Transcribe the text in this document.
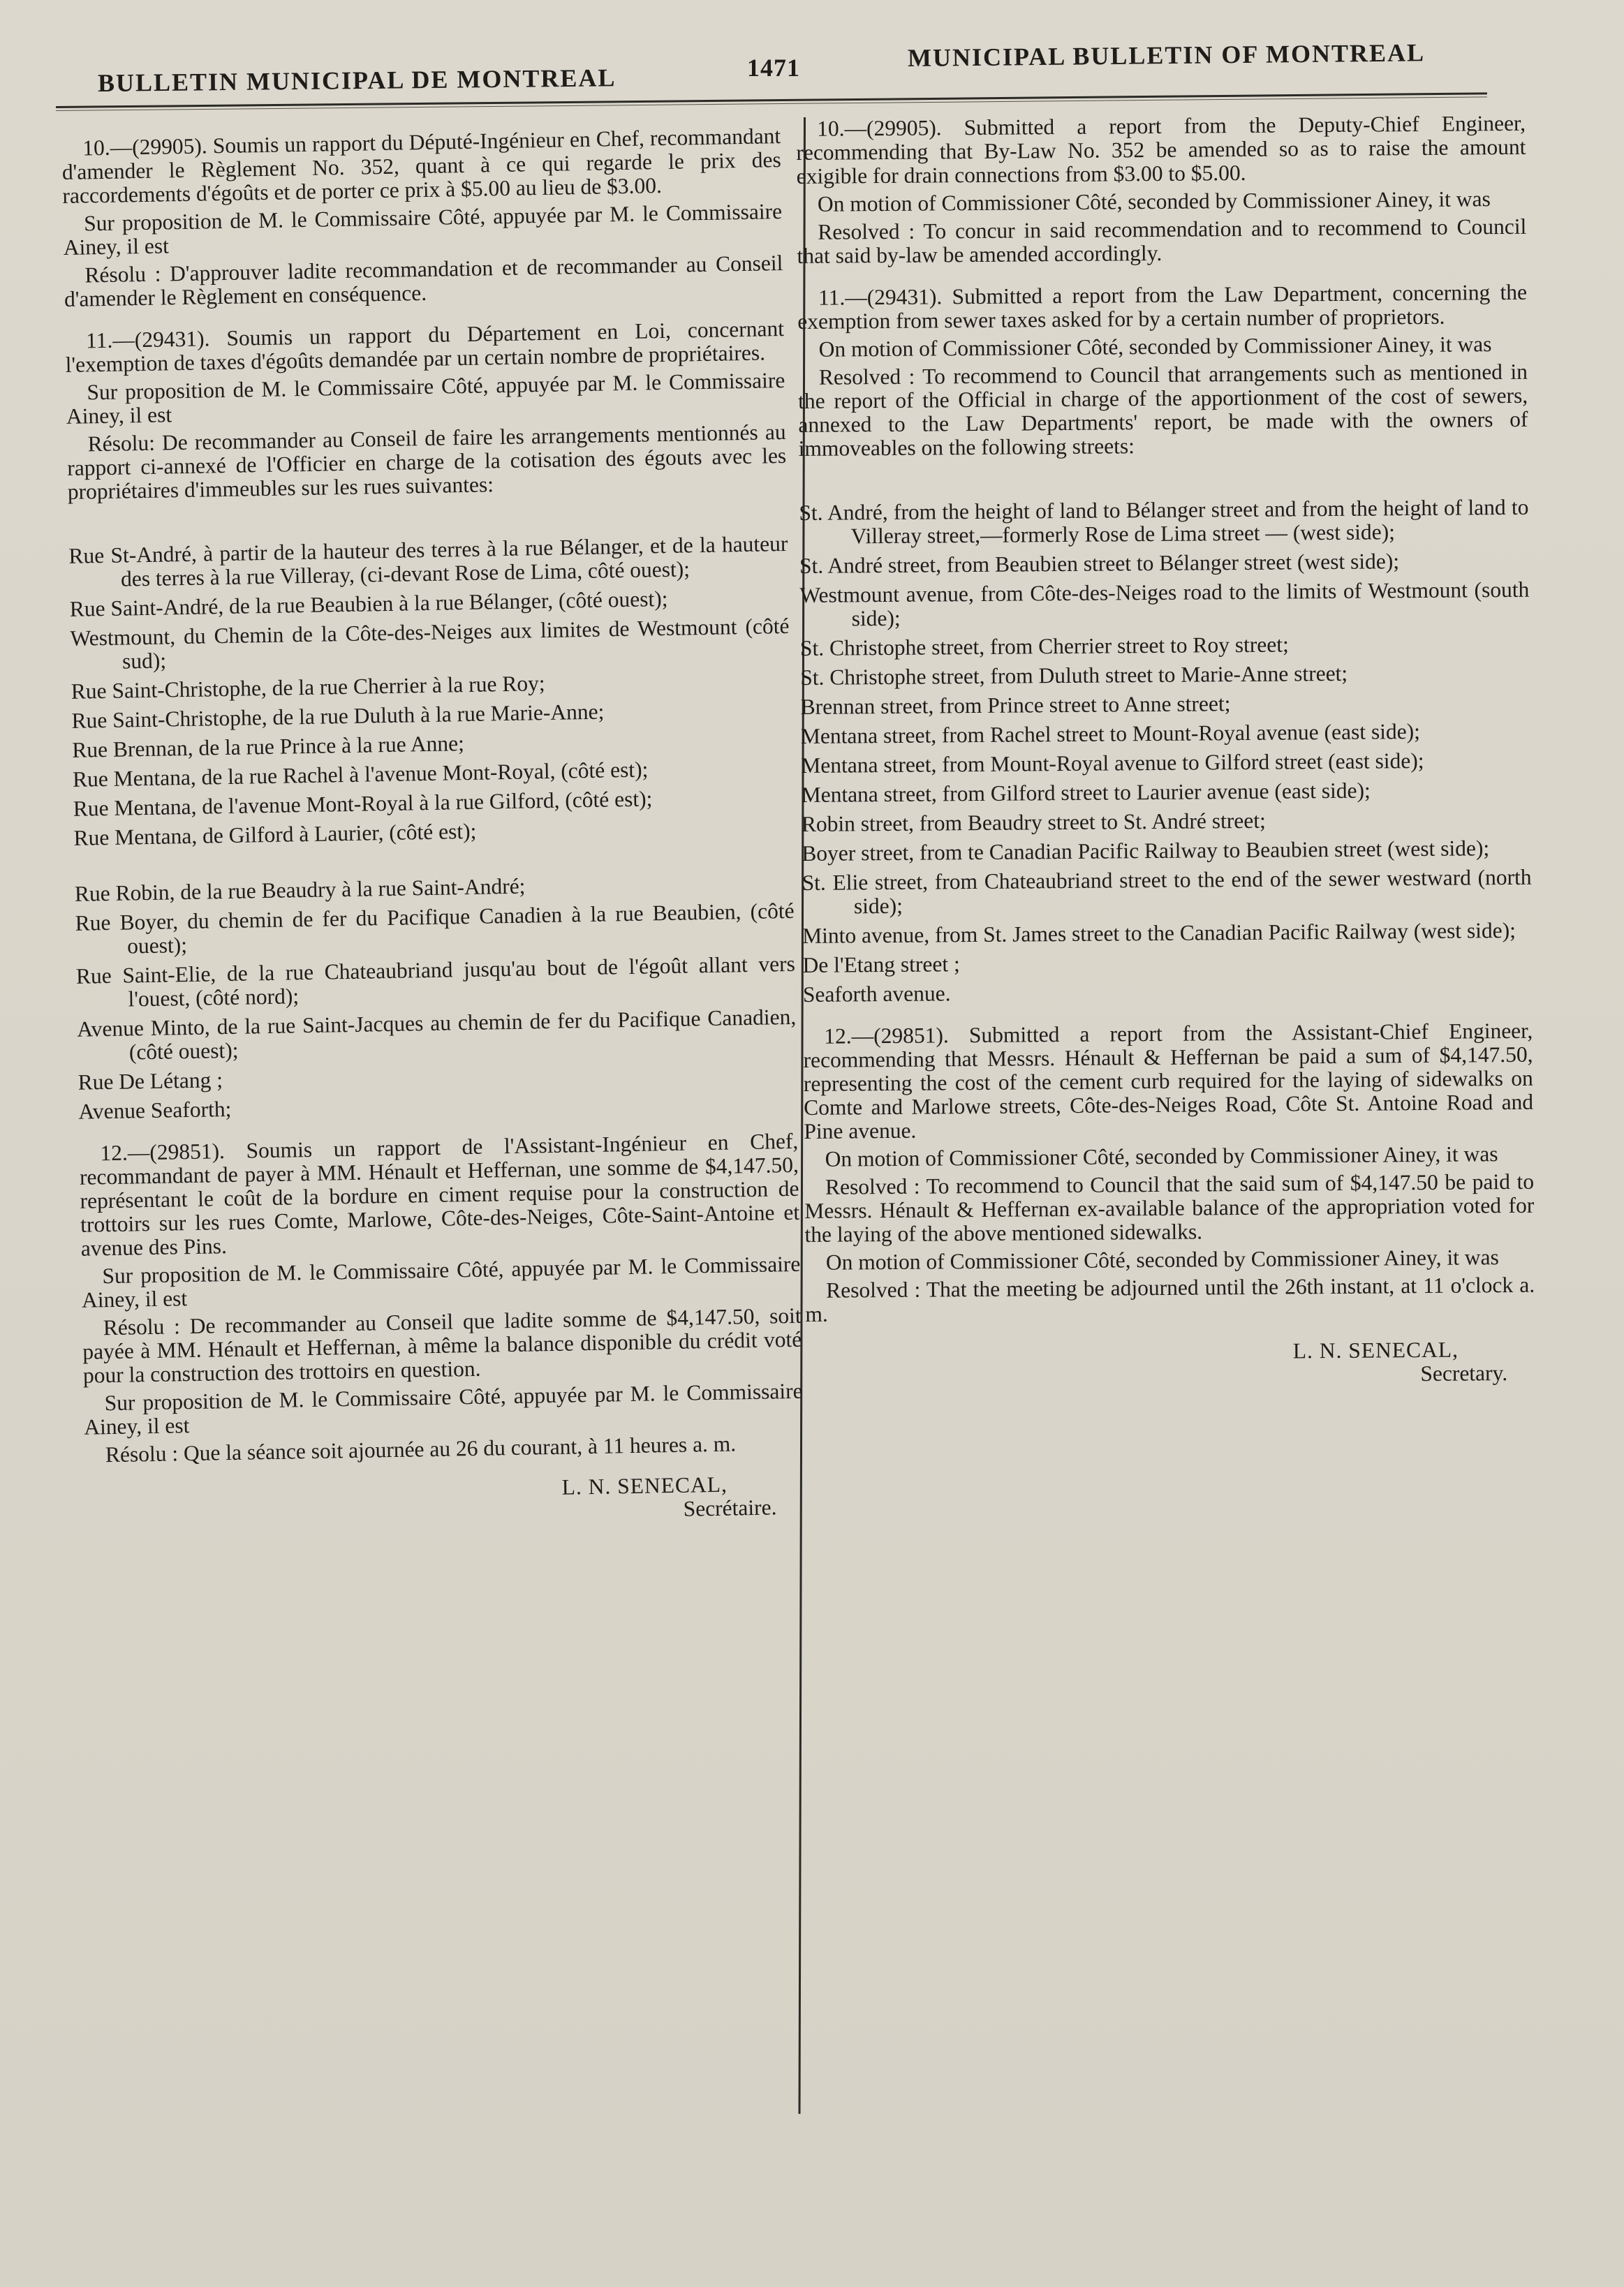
BULLETIN MUNICIPAL DE MONTREAL	1471	MUNICIPAL BULLETIN OF MONTREAL

10.—(29905). Soumis un rapport du Député-Ingénieur en Chef, recommandant d'amender le Règlement No. 352, quant à ce qui regarde le prix des raccordements d'égoûts et de porter ce prix à $5.00 au lieu de $3.00.

Sur proposition de M. le Commissaire Côté, appuyée par M. le Commissaire Ainey, il est

Résolu : D'approuver ladite recommandation et de recommander au Conseil d'amender le Règlement en conséquence.

11.—(29431). Soumis un rapport du Département en Loi, concernant l'exemption de taxes d'égoûts demandée par un certain nombre de propriétaires.

Sur proposition de M. le Commissaire Côté, appuyée par M. le Commissaire Ainey, il est

Résolu: De recommander au Conseil de faire les arrangements mentionnés au rapport ci-annexé de l'Officier en charge de la cotisation des égouts avec les propriétaires d'immeubles sur les rues suivantes:

Rue St-André, à partir de la hauteur des terres à la rue Bélanger, et de la hauteur des terres à la rue Villeray, (ci-devant Rose de Lima, côté ouest);

Rue Saint-André, de la rue Beaubien à la rue Bélanger, (côté ouest);

Westmount, du Chemin de la Côte-des-Neiges aux limites de Westmount (côté sud);

Rue Saint-Christophe, de la rue Cherrier à la rue Roy;

Rue Saint-Christophe, de la rue Duluth à la rue Marie-Anne;

Rue Brennan, de la rue Prince à la rue Anne;

Rue Mentana, de la rue Rachel à l'avenue Mont-Royal, (côté est);

Rue Mentana, de l'avenue Mont-Royal à la rue Gilford, (côté est);

Rue Mentana, de Gilford à Laurier, (côté est);

Rue Robin, de la rue Beaudry à la rue Saint-André;

Rue Boyer, du chemin de fer du Pacifique Canadien à la rue Beaubien, (côté ouest);

Rue Saint-Elie, de la rue Chateaubriand jusqu'au bout de l'égoût allant vers l'ouest, (côté nord);

Avenue Minto, de la rue Saint-Jacques au chemin de fer du Pacifique Canadien, (côté ouest);

Rue De Létang ;

Avenue Seaforth;

12.—(29851). Soumis un rapport de l'Assistant-Ingénieur en Chef, recommandant de payer à MM. Hénault et Heffernan, une somme de $4,147.50, représentant le coût de la bordure en ciment requise pour la construction de trottoirs sur les rues Comte, Marlowe, Côte-des-Neiges, Côte-Saint-Antoine et avenue des Pins.

Sur proposition de M. le Commissaire Côté, appuyée par M. le Commissaire Ainey, il est

Résolu : De recommander au Conseil que ladite somme de $4,147.50, soit payée à MM. Hénault et Heffernan, à même la balance disponible du crédit voté pour la construction des trottoirs en question.

Sur proposition de M. le Commissaire Côté, appuyée par M. le Commissaire Ainey, il est

Résolu : Que la séance soit ajournée au 26 du courant, à 11 heures a. m.

L. N. SENECAL,
Secrétaire.

10.—(29905). Submitted a report from the Deputy-Chief Engineer, recommending that By-Law No. 352 be amended so as to raise the amount exigible for drain connections from $3.00 to $5.00.

On motion of Commissioner Côté, seconded by Commissioner Ainey, it was

Resolved : To concur in said recommendation and to recommend to Council that said by-law be amended accordingly.

11.—(29431). Submitted a report from the Law Department, concerning the exemption from sewer taxes asked for by a certain number of proprietors.

On motion of Commissioner Côté, seconded by Commissioner Ainey, it was

Resolved : To recommend to Council that arrangements such as mentioned in the report of the Official in charge of the apportionment of the cost of sewers, annexed to the Law Departments' report, be made with the owners of immoveables on the following streets:

St. André, from the height of land to Bélanger street and from the height of land to Villeray street,—formerly Rose de Lima street — (west side);

St. André street, from Beaubien street to Bélanger street (west side);

Westmount avenue, from Côte-des-Neiges road to the limits of Westmount (south side);

St. Christophe street, from Cherrier street to Roy street;

St. Christophe street, from Duluth street to Marie-Anne street;

Brennan street, from Prince street to Anne street;

Mentana street, from Rachel street to Mount-Royal avenue (east side);

Mentana street, from Mount-Royal avenue to Gilford street (east side);

Mentana street, from Gilford street to Laurier avenue (east side);

Robin street, from Beaudry street to St. André street;

Boyer street, from te Canadian Pacific Railway to Beaubien street (west side);

St. Elie street, from Chateaubriand street to the end of the sewer westward (north side);

Minto avenue, from St. James street to the Canadian Pacific Railway (west side);

De l'Etang street ;

Seaforth avenue.

12.—(29851). Submitted a report from the Assistant-Chief Engineer, recommending that Messrs. Hénault & Heffernan be paid a sum of $4,147.50, representing the cost of the cement curb required for the laying of sidewalks on Comte and Marlowe streets, Côte-des-Neiges Road, Côte St. Antoine Road and Pine avenue.

On motion of Commissioner Côté, seconded by Commissioner Ainey, it was

Resolved : To recommend to Council that the said sum of $4,147.50 be paid to Messrs. Hénault & Heffernan ex-available balance of the appropriation voted for the laying of the above mentioned sidewalks.

On motion of Commissioner Côté, seconded by Commissioner Ainey, it was

Resolved : That the meeting be adjourned until the 26th instant, at 11 o'clock a. m.

L. N. SENECAL,
Secretary.
